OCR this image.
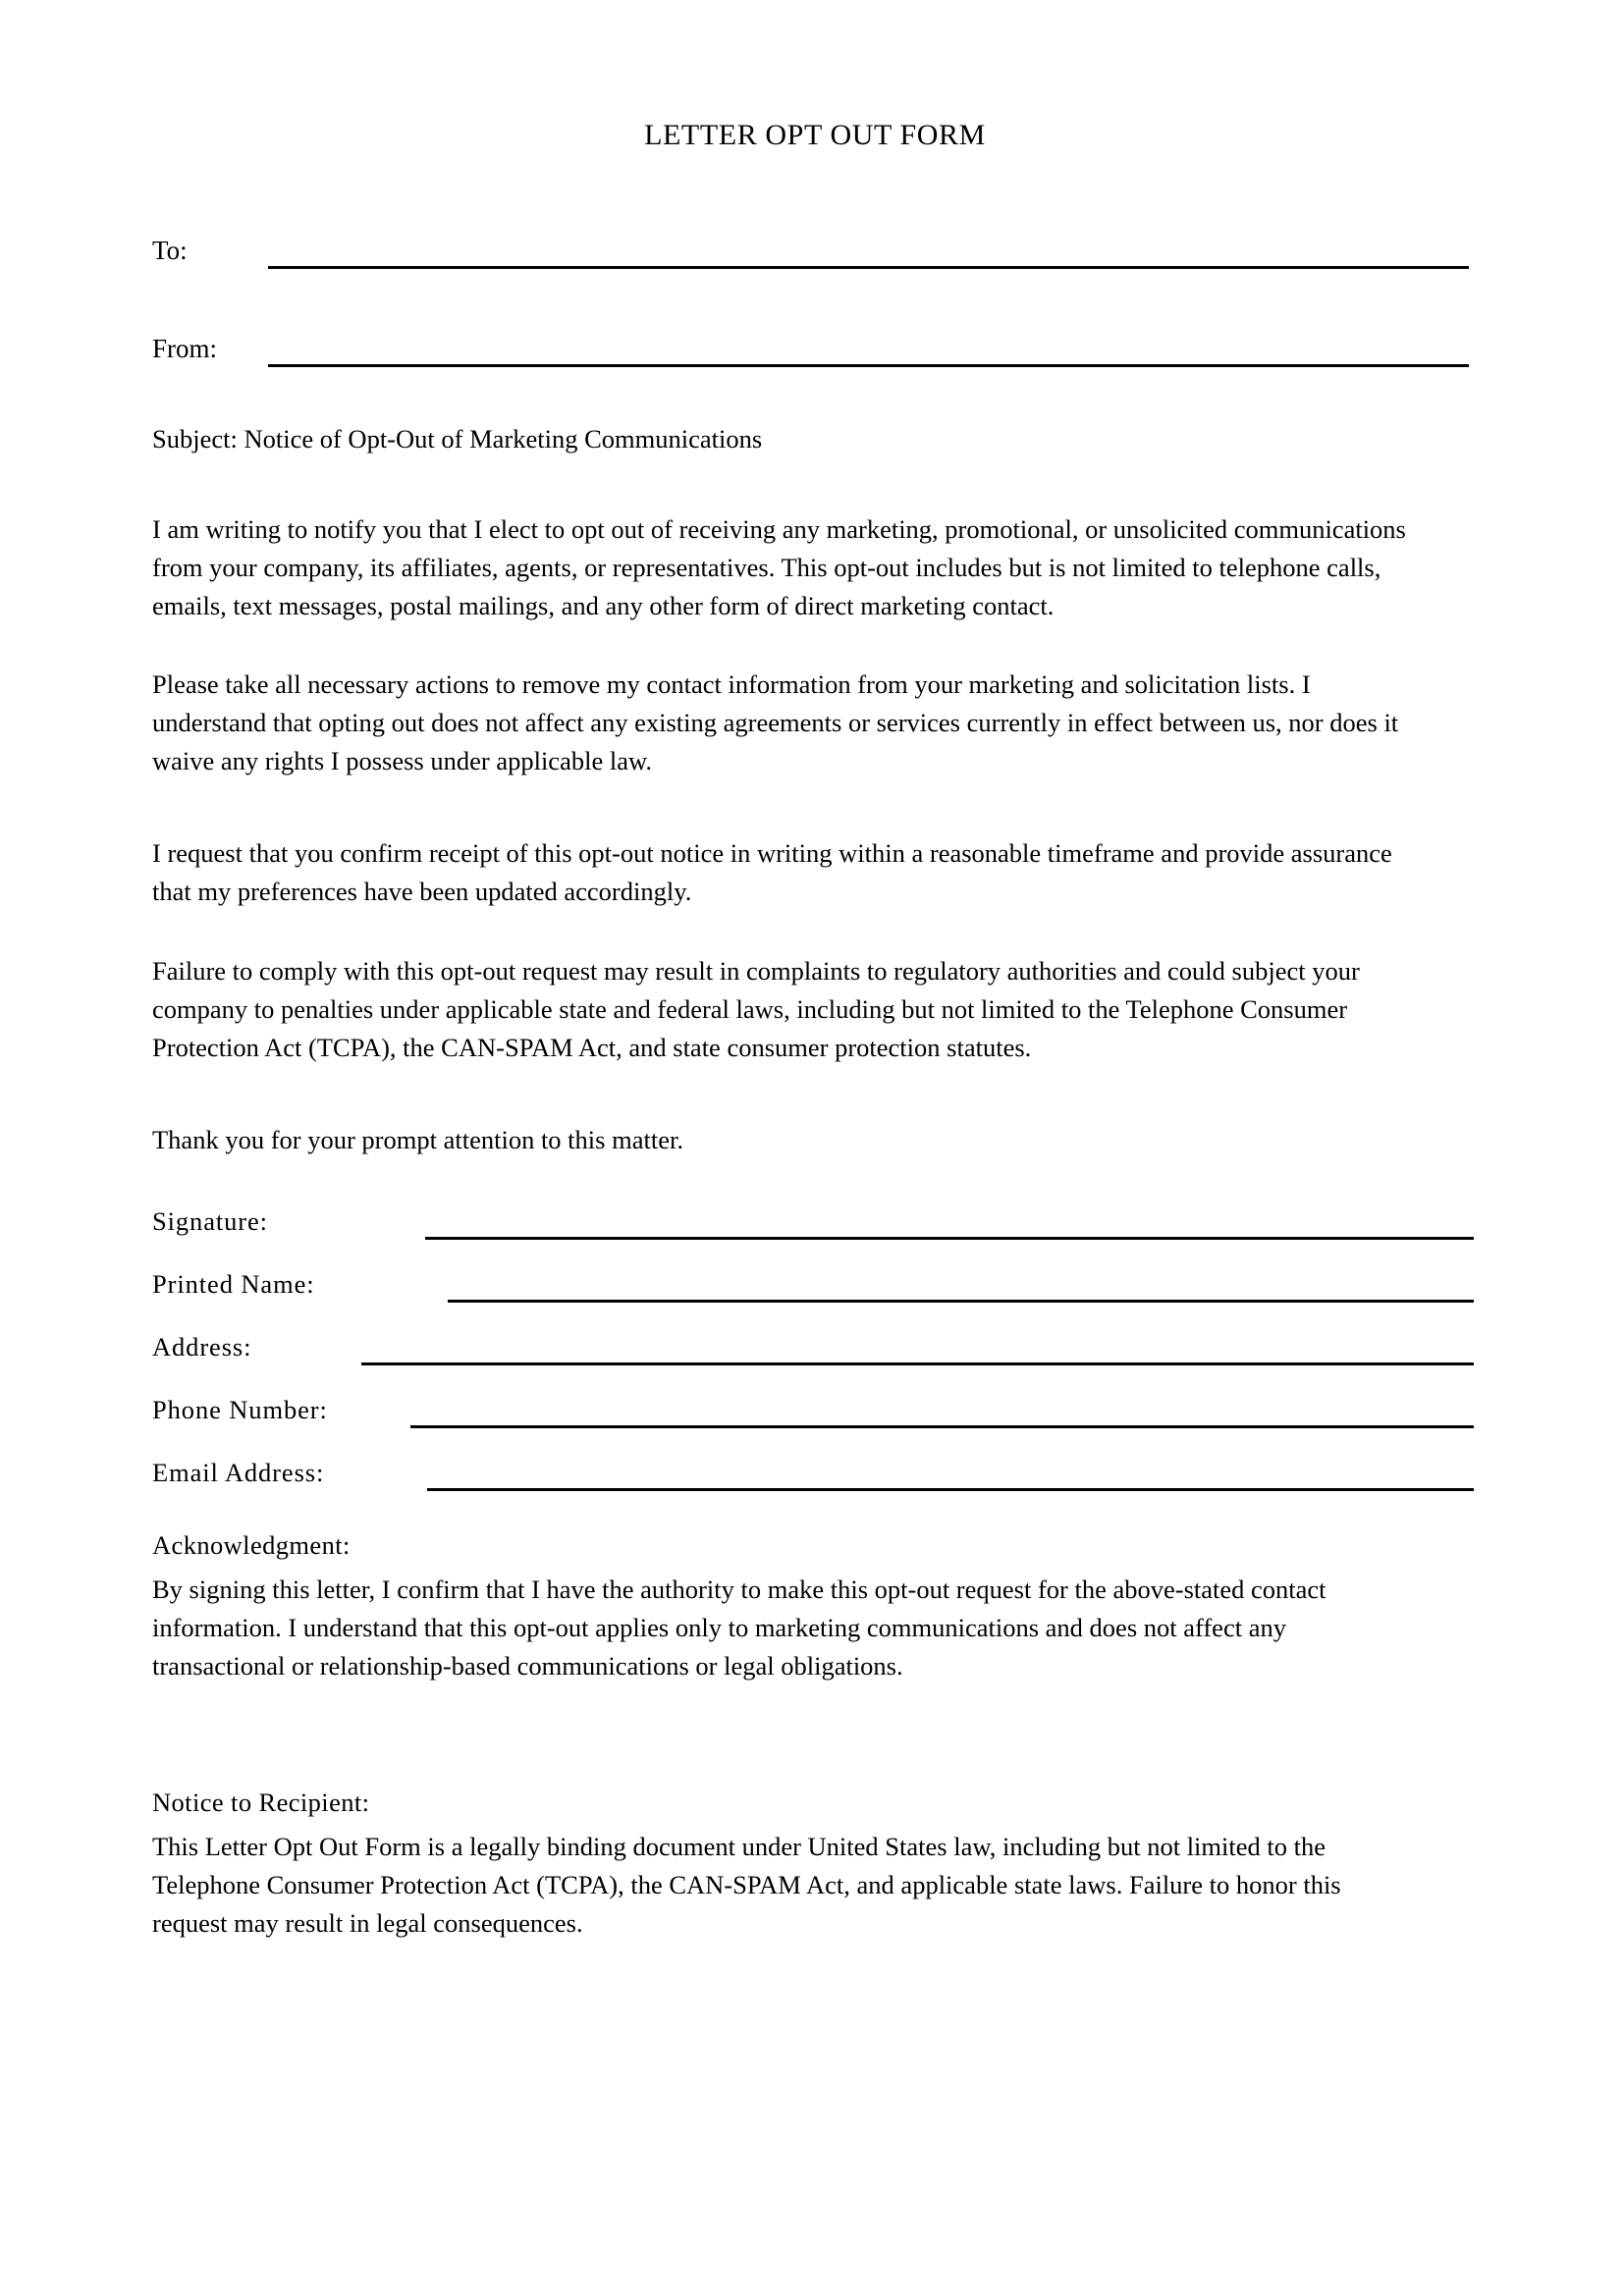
LETTER OPT OUT FORM
To:
From:
Subject: Notice of Opt-Out of Marketing Communications
I am writing to notify you that I elect to opt out of receiving any marketing, promotional, or unsolicited communications from your company, its affiliates, agents, or representatives. This opt-out includes but is not limited to telephone calls, emails, text messages, postal mailings, and any other form of direct marketing contact.
Please take all necessary actions to remove my contact information from your marketing and solicitation lists. I understand that opting out does not affect any existing agreements or services currently in effect between us, nor does it waive any rights I possess under applicable law.
I request that you confirm receipt of this opt-out notice in writing within a reasonable timeframe and provide assurance that my preferences have been updated accordingly.
Failure to comply with this opt-out request may result in complaints to regulatory authorities and could subject your company to penalties under applicable state and federal laws, including but not limited to the Telephone Consumer Protection Act (TCPA), the CAN-SPAM Act, and state consumer protection statutes.
Thank you for your prompt attention to this matter.
Signature:
Printed Name:
Address:
Phone Number:
Email Address:
Acknowledgment:
By signing this letter, I confirm that I have the authority to make this opt-out request for the above-stated contact information. I understand that this opt-out applies only to marketing communications and does not affect any transactional or relationship-based communications or legal obligations.
Notice to Recipient:
This Letter Opt Out Form is a legally binding document under United States law, including but not limited to the Telephone Consumer Protection Act (TCPA), the CAN-SPAM Act, and applicable state laws. Failure to honor this request may result in legal consequences.
